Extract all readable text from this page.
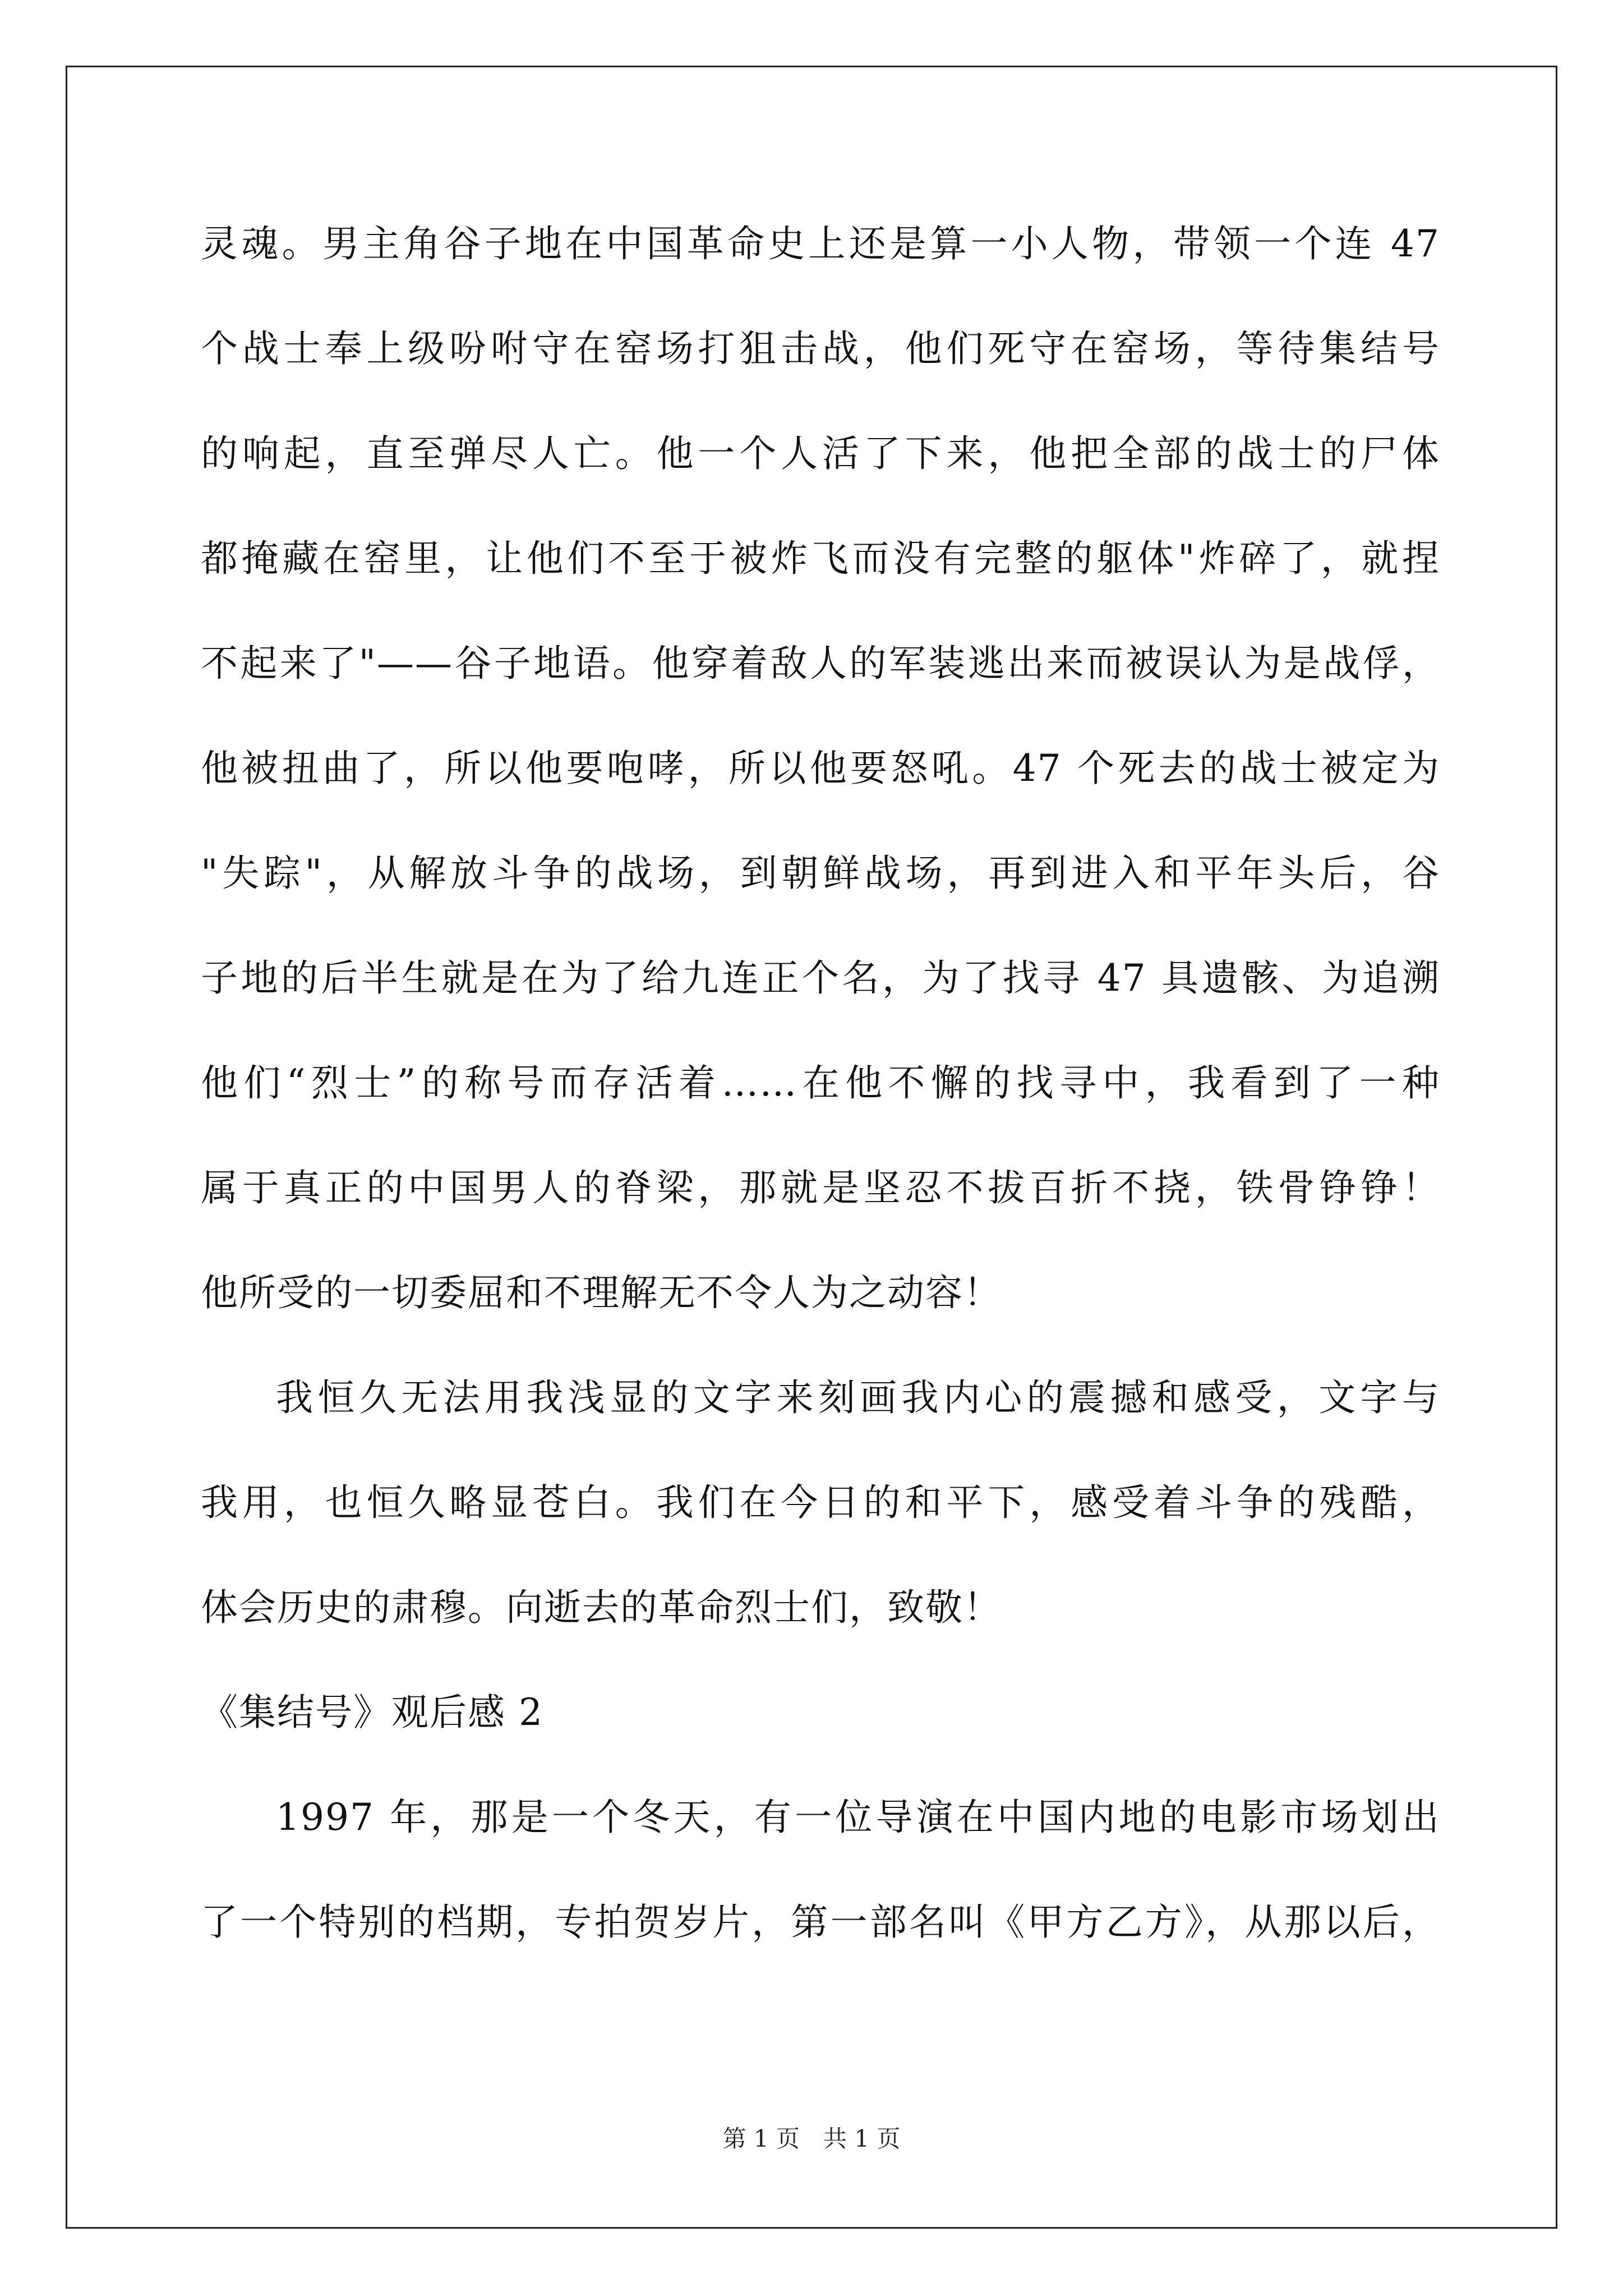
灵魂。男主角谷子地在中国革命史上还是算一小人物，带领一个连 47
个战士奉上级吩咐守在窑场打狙击战，他们死守在窑场，等待集结号
的响起，直至弹尽人亡。他一个人活了下来，他把全部的战士的尸体
都掩藏在窑里，让他们不至于被炸飞而没有完整的躯体"炸碎了，就捏
不起来了"——谷子地语。他穿着敌人的军装逃出来而被误认为是战俘，
他被扭曲了，所以他要咆哮，所以他要怒吼。47 个死去的战士被定为
"失踪"，从解放斗争的战场，到朝鲜战场，再到进入和平年头后，谷
子地的后半生就是在为了给九连正个名，为了找寻 47 具遗骸、为追溯
他们“烈士”的称号而存活着……在他不懈的找寻中，我看到了一种
属于真正的中国男人的脊梁，那就是坚忍不拔百折不挠，铁骨铮铮！
他所受的一切委屈和不理解无不令人为之动容！
我恒久无法用我浅显的文字来刻画我内心的震撼和感受，文字与
我用，也恒久略显苍白。我们在今日的和平下，感受着斗争的残酷，
体会历史的肃穆。向逝去的革命烈士们，致敬！
《集结号》观后感 2
1997 年，那是一个冬天，有一位导演在中国内地的电影市场划出
了一个特别的档期，专拍贺岁片，第一部名叫《甲方乙方》，从那以后，
第 1 页　共 1 页
